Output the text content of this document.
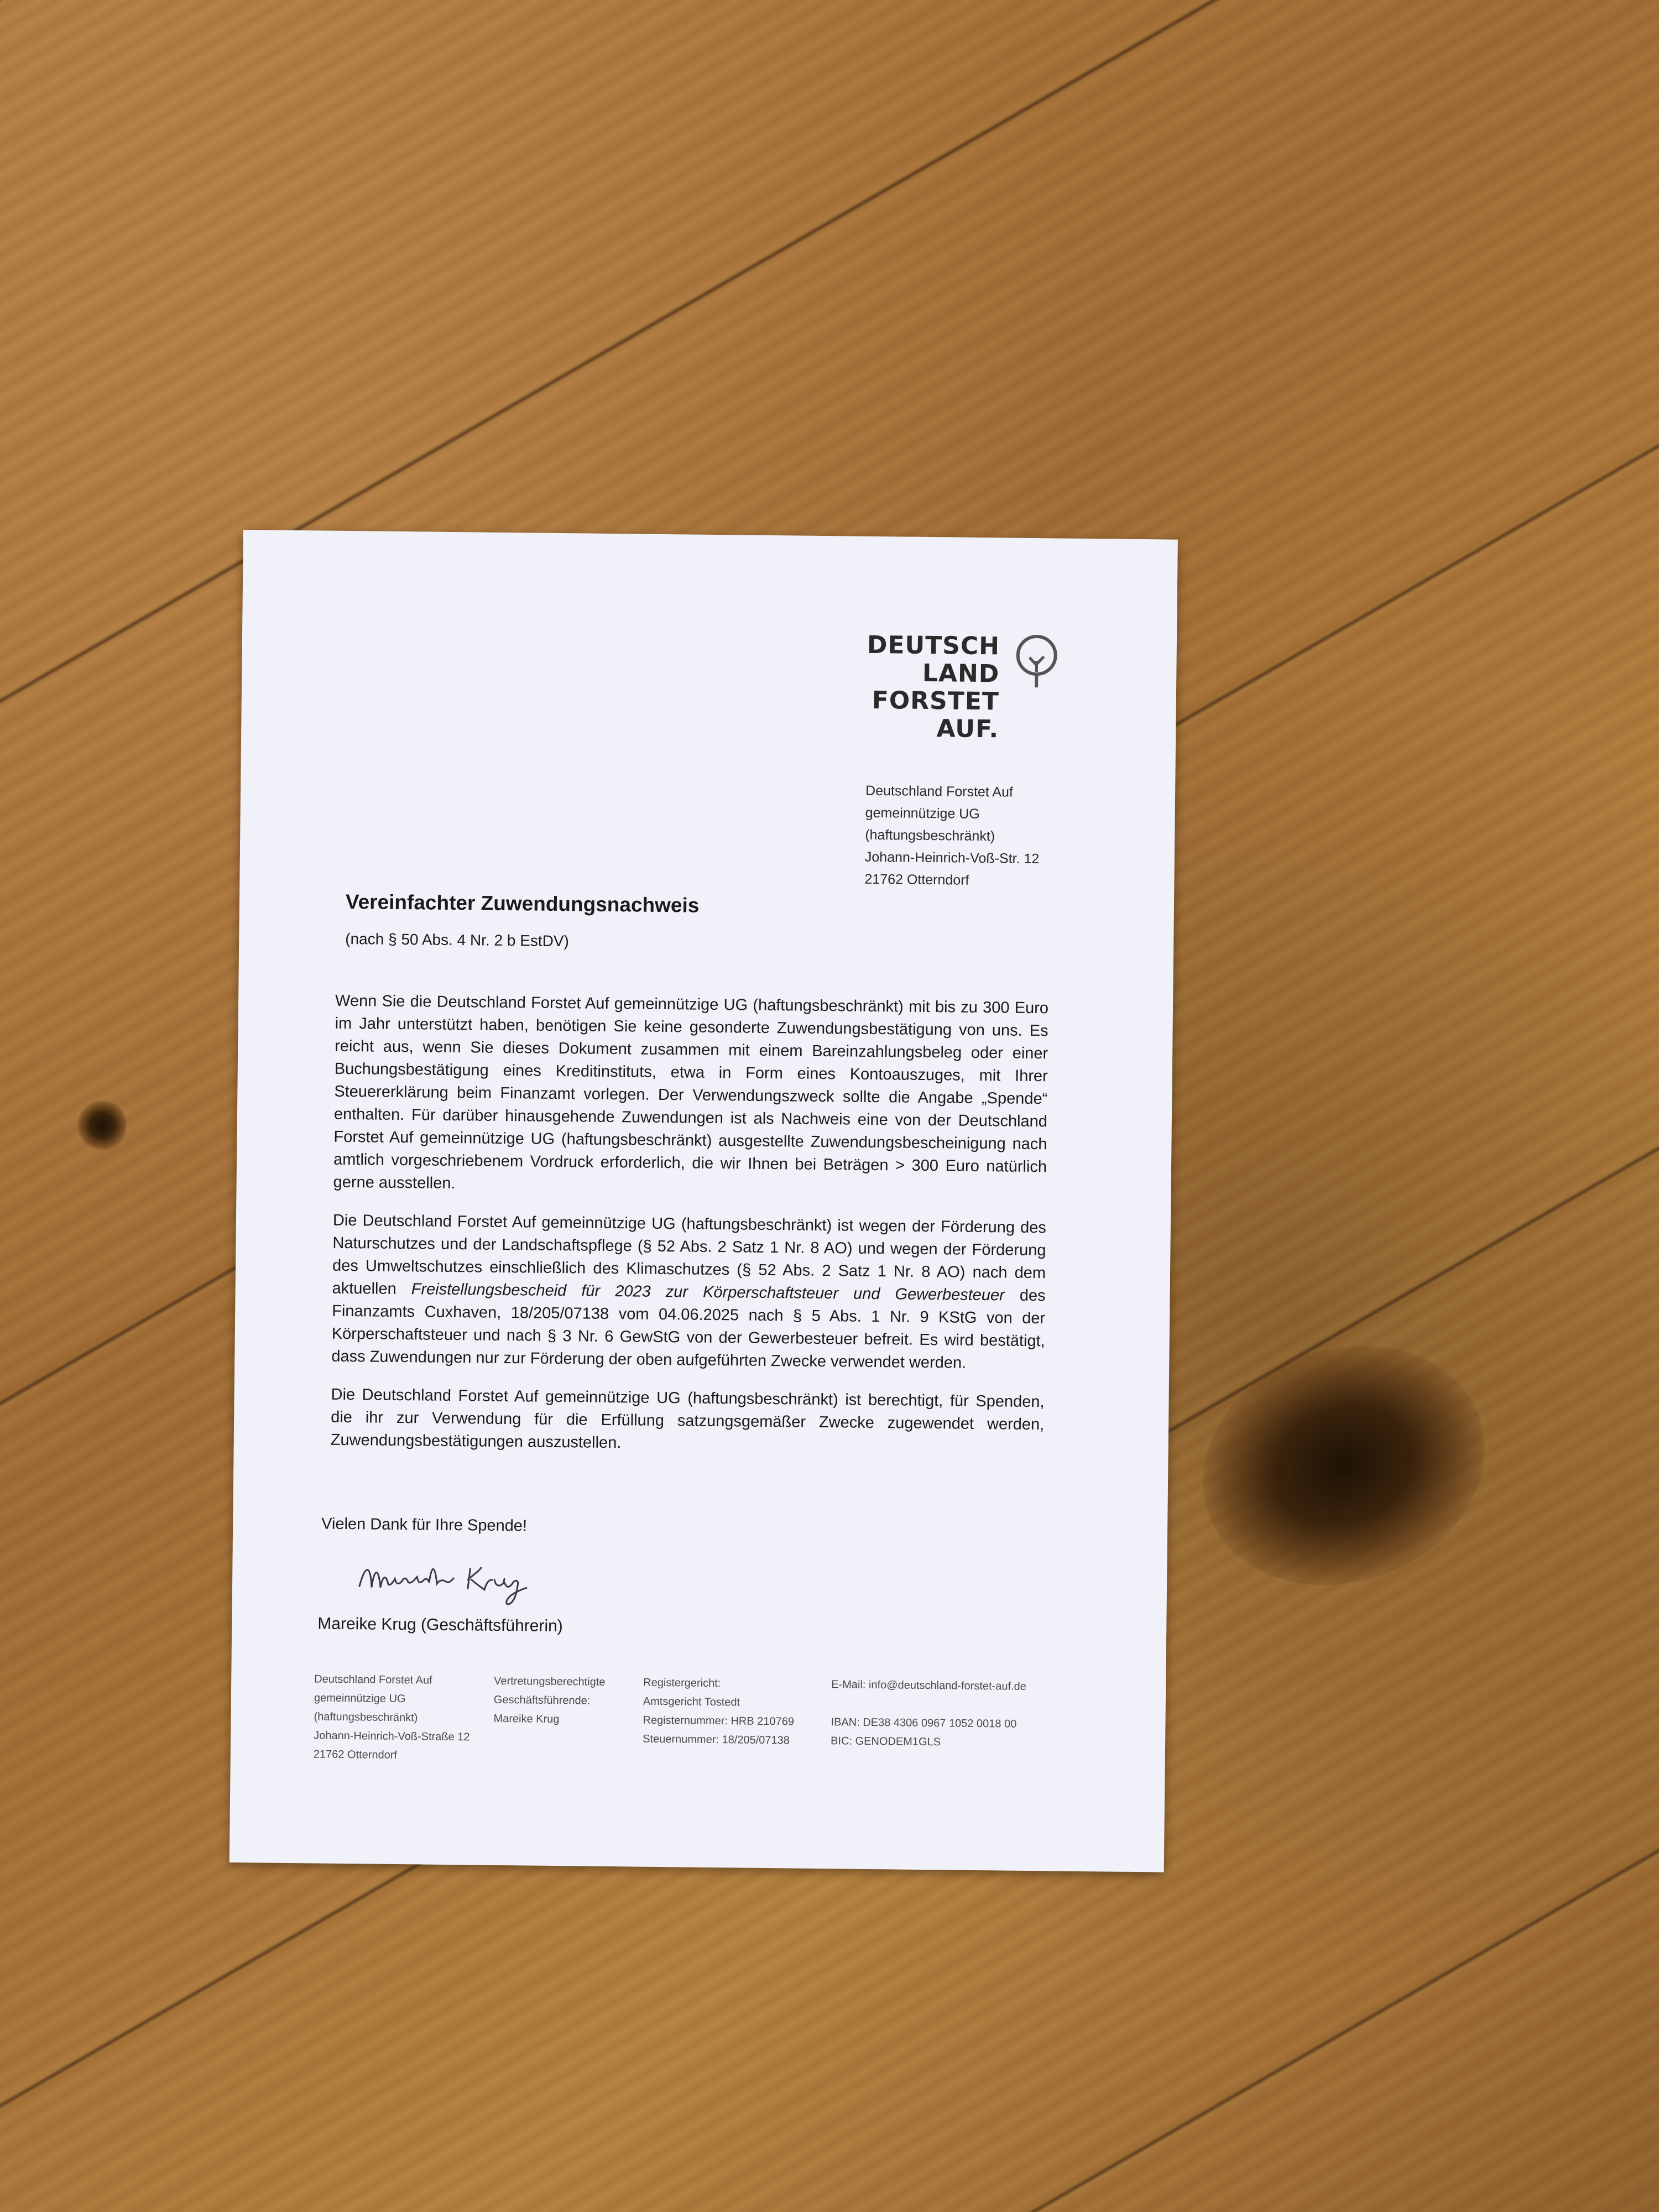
DEUTSCH
LAND
FORSTET
AUF.
Deutschland Forstet Auf
gemeinnützige UG
(haftungsbeschränkt)
Johann-Heinrich-Voß-Str. 12
21762 Otterndorf
Vereinfachter Zuwendungsnachweis
(nach § 50 Abs. 4 Nr. 2 b EstDV)

Wenn Sie die Deutschland Forstet Auf gemeinnützige UG (haftungsbeschränkt) mit bis zu 300 Euro im Jahr unterstützt haben, benötigen Sie keine gesonderte Zuwendungsbestätigung von uns. Es reicht aus, wenn Sie dieses Dokument zusammen mit einem Bareinzahlungsbeleg oder einer Buchungsbestätigung eines Kreditinstituts, etwa in Form eines Kontoauszuges, mit Ihrer Steuererklärung beim Finanzamt vorlegen. Der Verwendungszweck sollte die Angabe „Spende“ enthalten. Für darüber hinausgehende Zuwendungen ist als Nachweis eine von der Deutschland Forstet Auf gemeinnützige UG (haftungsbeschränkt) ausgestellte Zuwendungsbescheinigung nach amtlich vorgeschriebenem Vordruck erforderlich, die wir Ihnen bei Beträgen > 300 Euro natürlich gerne ausstellen.

Die Deutschland Forstet Auf gemeinnützige UG (haftungsbeschränkt) ist wegen der Förderung des Naturschutzes und der Landschaftspflege (§ 52 Abs. 2 Satz 1 Nr. 8 AO) und wegen der Förderung des Umweltschutzes einschließlich des Klimaschutzes (§ 52 Abs. 2 Satz 1 Nr. 8 AO) nach dem aktuellen Freistellungsbescheid für 2023 zur Körperschaftsteuer und Gewerbesteuer des Finanzamts Cuxhaven, 18/205/07138 vom 04.06.2025 nach § 5 Abs. 1 Nr. 9 KStG von der Körperschaftsteuer und nach § 3 Nr. 6 GewStG von der Gewerbesteuer befreit. Es wird bestätigt, dass Zuwendungen nur zur Förderung der oben aufgeführten Zwecke verwendet werden.

Die Deutschland Forstet Auf gemeinnützige UG (haftungsbeschränkt) ist berechtigt, für Spenden, die ihr zur Verwendung für die Erfüllung satzungsgemäßer Zwecke zugewendet werden, Zuwendungsbestätigungen auszustellen.

Vielen Dank für Ihre Spende!
Mareike Krug (Geschäftsführerin)
Deutschland Forstet Auf
gemeinnützige UG
(haftungsbeschränkt)
Johann-Heinrich-Voß-Straße 12
21762 Otterndorf
Vertretungsberechtigte
Geschäftsführende:
Mareike Krug
Registergericht:
Amtsgericht Tostedt
Registernummer: HRB 210769
Steuernummer: 18/205/07138
E-Mail: info@deutschland-forstet-auf.de
IBAN: DE38 4306 0967 1052 0018 00
BIC: GENODEM1GLS
